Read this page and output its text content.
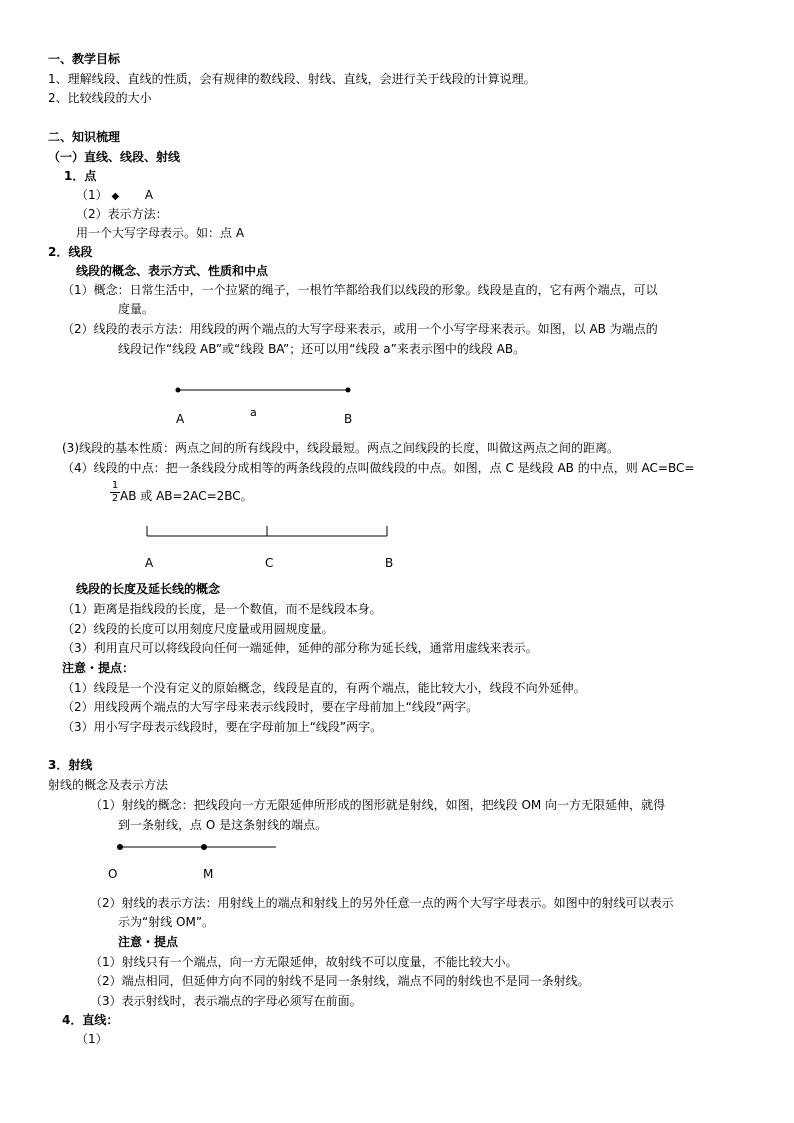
一、教学目标
1、理解线段、直线的性质，会有规律的数线段、射线、直线，会进行关于线段的计算说理。
2、比较线段的大小
二、知识梳理
（一）直线、线段、射线
1．点
（1） ◆ A
（2）表示方法：
用一个大写字母表示。如：点 A
2．线段
线段的概念、表示方式、性质和中点
（1）概念：日常生活中，一个拉紧的绳子，一根竹竿都给我们以线段的形象。线段是直的，它有两个端点，可以
度量。
（2）线段的表示方法：用线段的两个端点的大写字母来表示，或用一个小写字母来表示。如图，以 AB 为端点的
线段记作“线段 AB”或“线段 BA”；还可以用“线段 a”来表示图中的线段 AB。
A	a	B
(3)线段的基本性质：两点之间的所有线段中，线段最短。两点之间线段的长度，叫做这两点之间的距离。
（4）线段的中点：把一条线段分成相等的两条线段的点叫做线段的中点。如图，点 C 是线段 AB 的中点，则 AC=BC=
1
2 AB 或 AB=2AC=2BC。
A	C	B
线段的长度及延长线的概念
（1）距离是指线段的长度，是一个数值，而不是线段本身。
（2）线段的长度可以用刻度尺度量或用圆规度量。
（3）利用直尺可以将线段向任何一端延伸，延伸的部分称为延长线，通常用虚线来表示。
注意・提点：
（1）线段是一个没有定义的原始概念，线段是直的，有两个端点，能比较大小，线段不向外延伸。
（2）用线段两个端点的大写字母来表示线段时，要在字母前加上“线段”两字。
（3）用小写字母表示线段时，要在字母前加上“线段”两字。
3．射线
射线的概念及表示方法
（1）射线的概念：把线段向一方无限延伸所形成的图形就是射线，如图，把线段 OM 向一方无限延伸，就得
到一条射线，点 O 是这条射线的端点。
O	M
（2）射线的表示方法：用射线上的端点和射线上的另外任意一点的两个大写字母表示。如图中的射线可以表示
示为“射线 OM”。
注意・提点
（1）射线只有一个端点，向一方无限延伸，故射线不可以度量，不能比较大小。
（2）端点相同，但延伸方向不同的射线不是同一条射线，端点不同的射线也不是同一条射线。
（3）表示射线时，表示端点的字母必须写在前面。
4．直线：
（1）
